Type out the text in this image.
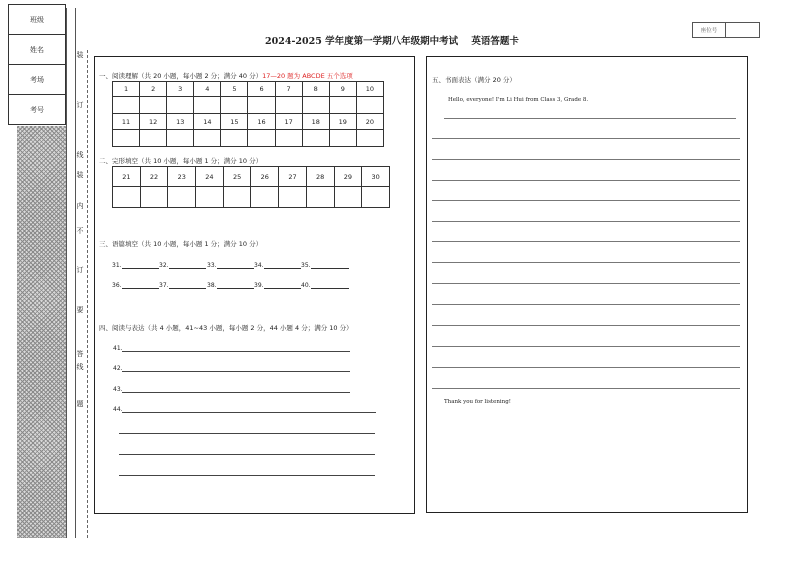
班级
姓名
考场
考号
装
订
线
装
内
不
订
要
答
线
题
2024-2025 学年度第一学期八年级期中考试    英语答题卡
座位号
一、阅读理解（共 20 小题，每小题 2 分；满分 40 分）17—20 题为 ABCDE 五个选项
1	2	3	4	5	6	7	8	9	10

11	12	13	14	15	16	17	18	19	20

二、完形填空（共 10 小题，每小题 1 分；满分 10 分）
21	22	23	24	25	26	27	28	29	30

三、语篇填空（共 10 小题，每小题 1 分；满分 10 分）
31.	32.	33.	34.	35.
36.	37.	38.	39.	40.
四、阅读与表达（共 4 小题，41~43 小题，每小题 2 分，44 小题 4 分；满分 10 分）
41.
42.
43.
44.
五、书面表达（满分 20 分）
Hello, everyone! I'm Li Hui from Class 3, Grade 8.
Thank you for listening!
